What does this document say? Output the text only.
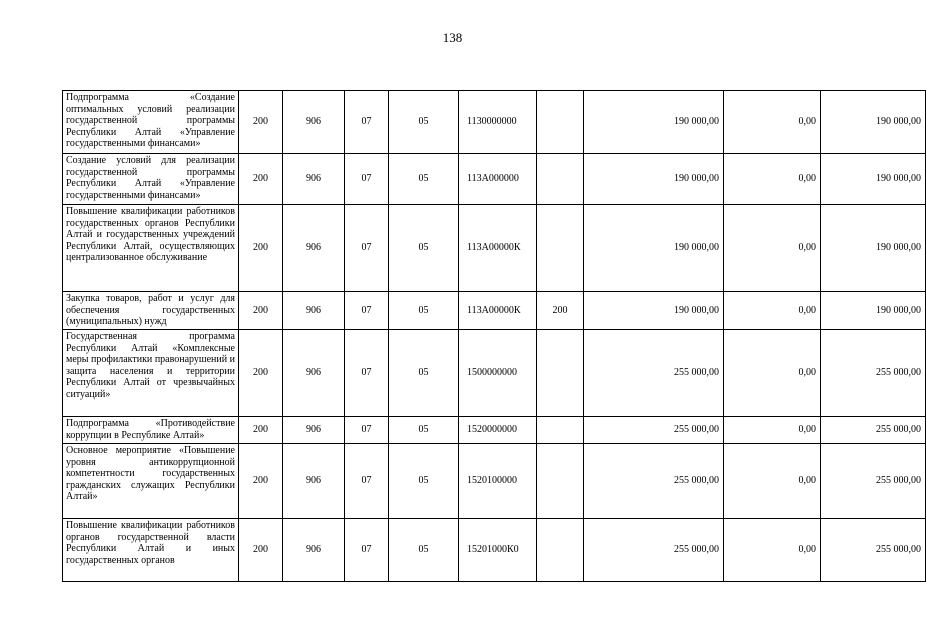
138
Подпрограмма «Создание оптимальных условий реализации государственной программы Республики Алтай «Управление государственными финансами»	200	906	07	05	1130000000		190 000,00	0,00	190 000,00
Создание условий для реализации государственной программы Республики Алтай «Управление государственными финансами»	200	906	07	05	113А000000		190 000,00	0,00	190 000,00
Повышение квалификации работников государственных органов Республики Алтай и государственных учреждений Республики Алтай, осуществляющих централизованное обслуживание	200	906	07	05	113А00000К		190 000,00	0,00	190 000,00
Закупка товаров, работ и услуг для обеспечения государственных (муниципальных) нужд	200	906	07	05	113А00000К	200	190 000,00	0,00	190 000,00
Государственная программа Республики Алтай «Комплексные меры профилактики правонарушений и защита населения и территории Республики Алтай от чрезвычайных ситуаций»	200	906	07	05	1500000000		255 000,00	0,00	255 000,00
Подпрограмма «Противодействие коррупции в Республике Алтай»	200	906	07	05	1520000000		255 000,00	0,00	255 000,00
Основное мероприятие «Повышение уровня антикоррупционной компетентности государственных гражданских служащих Республики Алтай»	200	906	07	05	1520100000		255 000,00	0,00	255 000,00
Повышение квалификации работников органов государственной власти Республики Алтай и иных государственных органов	200	906	07	05	15201000К0		255 000,00	0,00	255 000,00
